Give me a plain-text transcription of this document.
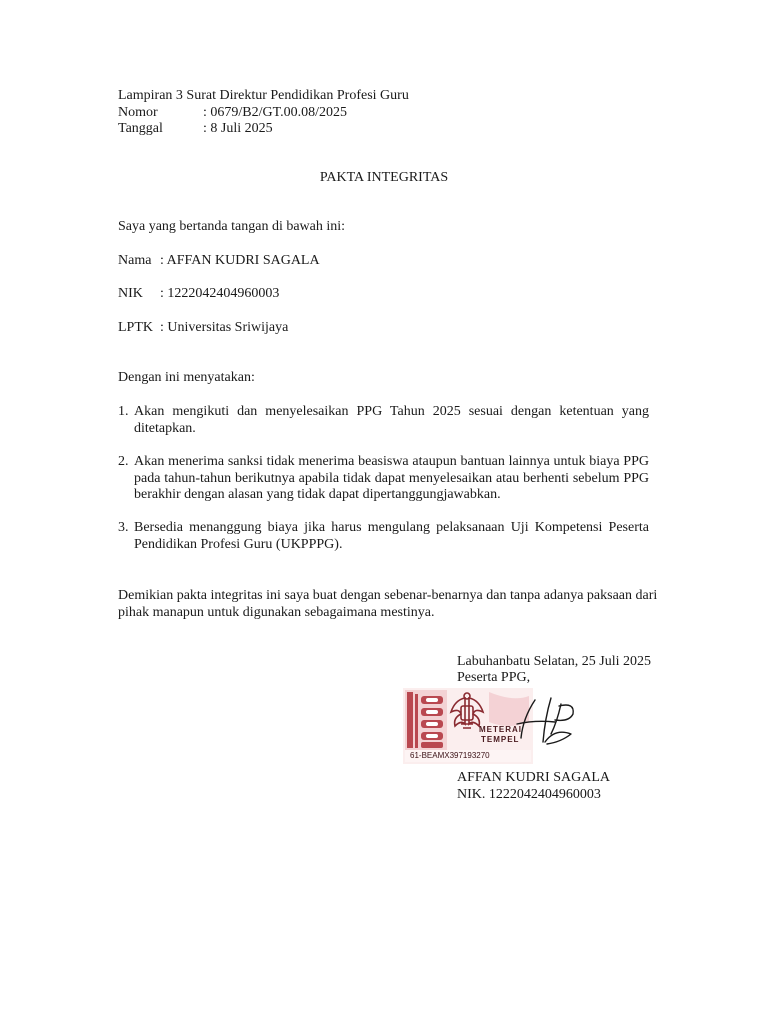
Lampiran 3 Surat Direktur Pendidikan Profesi Guru
Nomor	: 0679/B2/GT.00.08/2025
Tanggal	: 8 Juli 2025
PAKTA INTEGRITAS
Saya yang bertanda tangan di bawah ini:
Nama : AFFAN KUDRI SAGALA
NIK : 1222042404960003
LPTK : Universitas Sriwijaya
Dengan ini menyatakan:
1. Akan mengikuti dan menyelesaikan PPG Tahun 2025 sesuai dengan ketentuan yang ditetapkan.
2. Akan menerima sanksi tidak menerima beasiswa ataupun bantuan lainnya untuk biaya PPG pada tahun-tahun berikutnya apabila tidak dapat menyelesaikan atau berhenti sebelum PPG berakhir dengan alasan yang tidak dapat dipertanggungjawabkan.
3. Bersedia menanggung biaya jika harus mengulang pelaksanaan Uji Kompetensi Peserta Pendidikan Profesi Guru (UKPPPG).
Demikian pakta integritas ini saya buat dengan sebenar-benarnya dan tanpa adanya paksaan dari pihak manapun untuk digunakan sebagaimana mestinya.
Labuhanbatu Selatan, 25 Juli 2025
Peserta PPG,
METERAI
TEMPEL
61-BEAMX397193270
AFFAN KUDRI SAGALA
NIK. 1222042404960003
